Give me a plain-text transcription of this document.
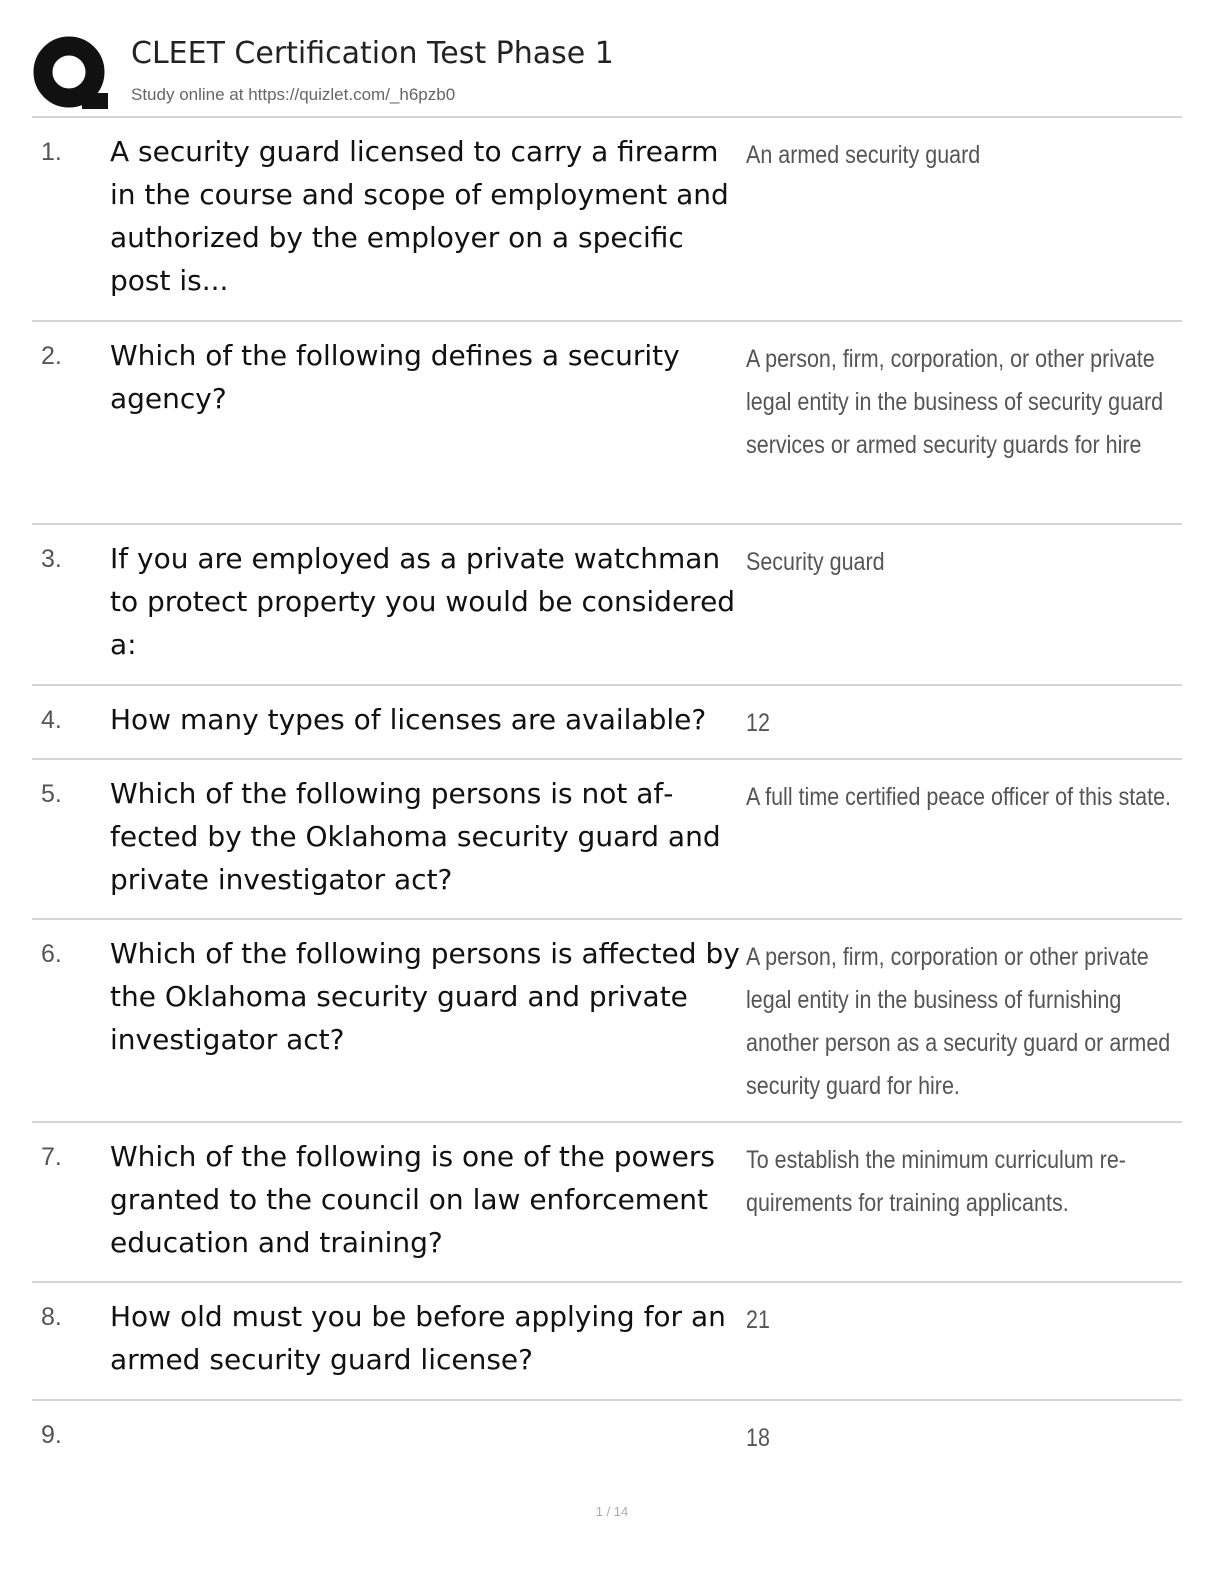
CLEET Certification Test Phase 1
Study online at https://quizlet.com/_h6pzb0
1. A security guard licensed to carry a firearm in the course and scope of employment and authorized by the employer on a specific post is...
An armed security guard
2. Which of the following defines a security agency?
A person, firm, corporation, or other private legal entity in the business of security guard services or armed security guards for hire
3. If you are employed as a private watchman to protect property you would be considered a:
Security guard
4. How many types of licenses are available?	12
5. Which of the following persons is not affected by the Oklahoma security guard and private investigator act?
A full time certified peace officer of this state.
6. Which of the following persons is affected by the Oklahoma security guard and private investigator act?
A person, firm, corporation or other private legal entity in the business of furnishing another person as a security guard or armed security guard for hire.
7. Which of the following is one of the powers granted to the council on law enforcement education and training?
To establish the minimum curriculum requirements for training applicants.
8. How old must you be before applying for an armed security guard license?
21
9.	18
1 / 14
